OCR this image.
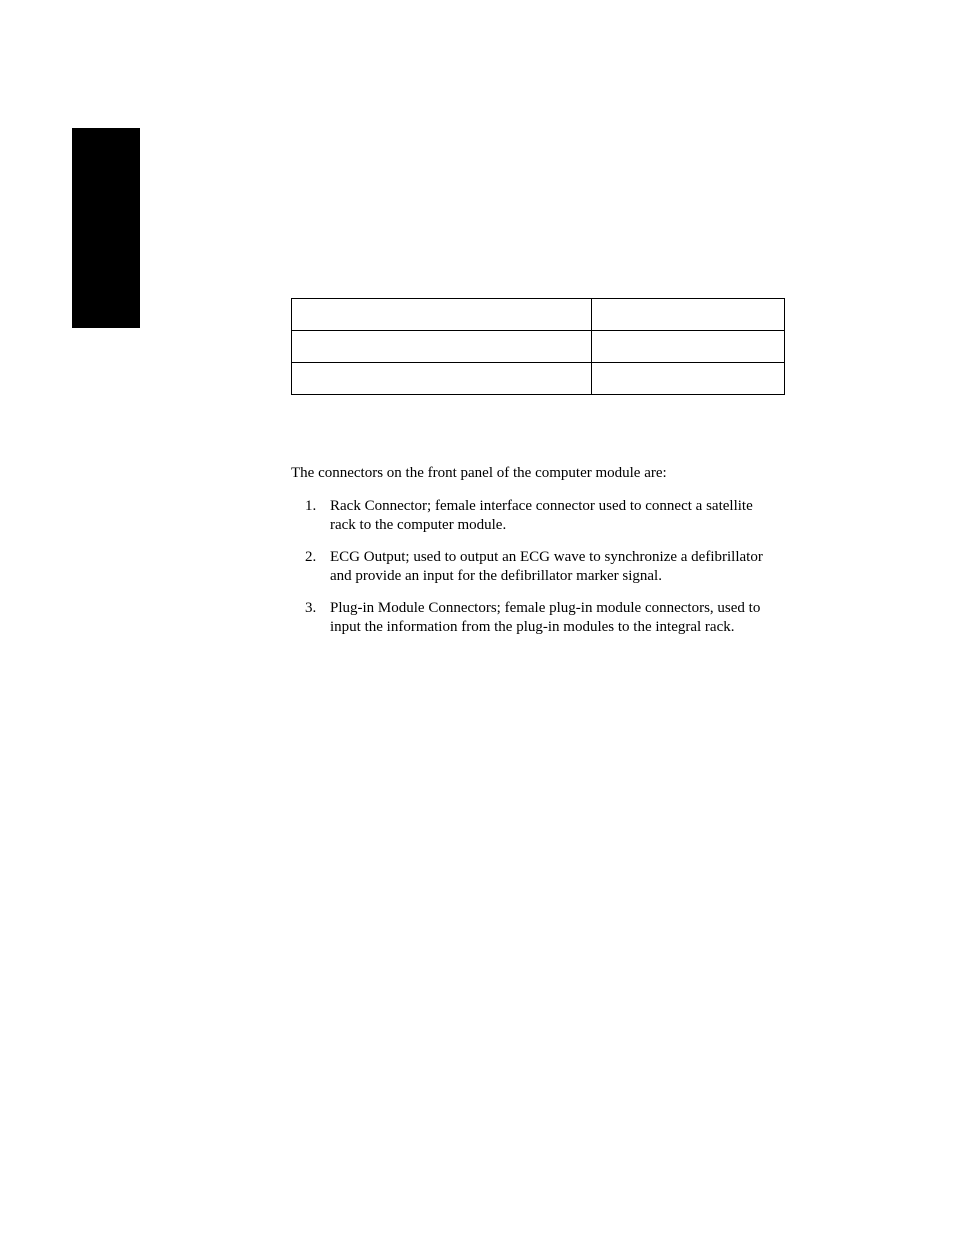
The connectors on the front panel of the computer module are:

1. Rack Connector; female interface connector used to connect a satellite rack to the computer module.
2. ECG Output; used to output an ECG wave to synchronize a defibrillator and provide an input for the defibrillator marker signal.
3. Plug-in Module Connectors; female plug-in module connectors, used to input the information from the plug-in modules to the integral rack.
